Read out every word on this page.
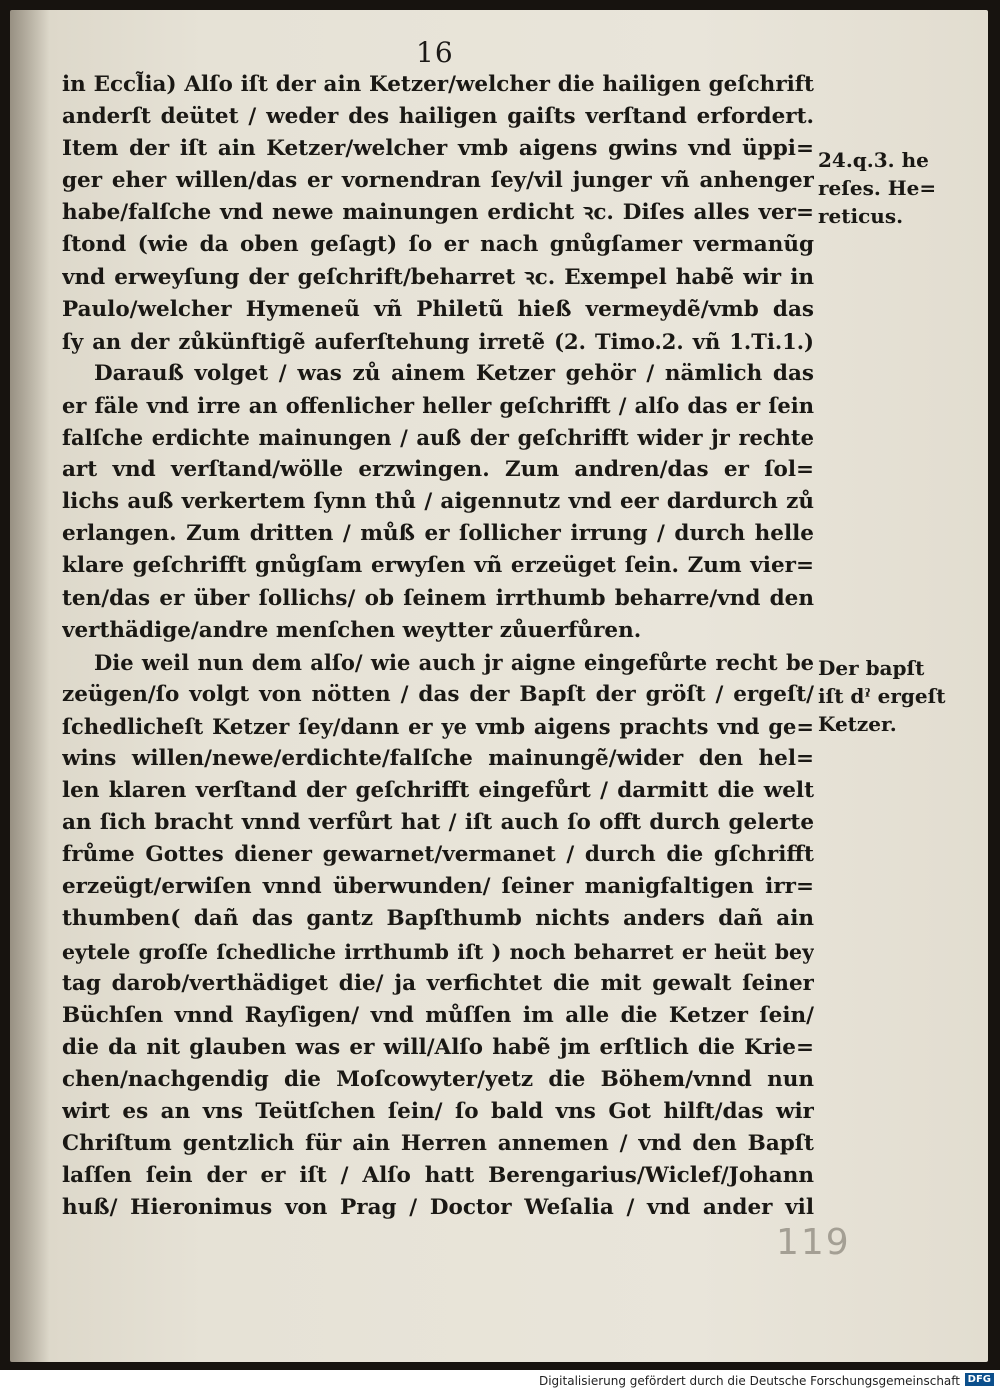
16
in Eccl̃ia) Alſo iſt der ain Ketzer/welcher die hailigen geſchrift
anderſt deütet / weder des hailigen gaiſts verſtand erfordert.
Item der iſt ain Ketzer/welcher vmb aigens gwins vnd üppi=
ger eher willen/das er vornendran ſey/vil junger vñ anhenger
habe/falſche vnd newe mainungen erdicht ꝛc. Diſes alles ver=
ſtond (wie da oben geſagt) ſo er nach gnůgſamer vermanũg
vnd erweyſung der geſchrift/beharret ꝛc. Exempel habẽ wir in
Paulo/welcher Hymeneũ vñ Philetũ hieß vermeydẽ/vmb das
ſy an der zůkünftigẽ auferſtehung irretẽ (2. Timo.2. vñ 1.Ti.1.)
Darauß volget / was zů ainem Ketzer gehör / nämlich das
er fäle vnd irre an offenlicher heller geſchrifft / alſo das er ſein
falſche erdichte mainungen / auß der geſchrifft wider jr rechte
art vnd verſtand/wölle erzwingen. Zum andren/das er ſol=
lichs auß verkertem ſynn thů / aigennutz vnd eer dardurch zů
erlangen. Zum dritten / můß er ſollicher irrung / durch helle
klare geſchrifft gnůgſam erwyſen vñ erzeüget ſein. Zum vier=
ten/das er über ſollichs/ ob ſeinem irrthumb beharre/vnd den
verthädige/andre menſchen weytter zůuerfůren.
Die weil nun dem alſo/ wie auch jr aigne eingefůrte recht be
zeügen/ſo volgt von nötten / das der Bapſt der gröſt / ergeſt/
ſchedlicheſt Ketzer ſey/dann er ye vmb aigens prachts vnd ge=
wins willen/newe/erdichte/falſche mainungẽ/wider den hel=
len klaren verſtand der geſchrifft eingefůrt / darmitt die welt
an ſich bracht vnnd verfůrt hat / iſt auch ſo offt durch gelerte
frůme Gottes diener gewarnet/vermanet / durch die gſchrifft
erzeügt/erwiſen vnnd überwunden/ ſeiner manigfaltigen irr=
thumben( dañ das gantz Bapſthumb nichts anders dañ ain
eytele groſſe ſchedliche irrthumb iſt ) noch beharret er heüt bey
tag darob/verthädiget die/ ja verfichtet die mit gewalt ſeiner
Büchſen vnnd Rayſigen/ vnd můſſen im alle die Ketzer ſein/
die da nit glauben was er will/Alſo habẽ jm erſtlich die Krie=
chen/nachgendig die Moſcowyter/yetz die Böhem/vnnd nun
wirt es an vns Teütſchen ſein/ ſo bald vns Got hilft/das wir
Chriſtum gentzlich für ain Herren annemen / vnd den Bapſt
laſſen ſein der er iſt / Alſo hatt Berengarius/Wiclef/Johann
huß/ Hieronimus von Prag / Doctor Weſalia / vnd ander vil
24.q.3. he
reſes. He=
reticus.
Der bapſt
iſt dˀ ergeſt
Ketzer.
119
Digitalisierung gefördert durch die Deutsche Forschungsgemeinschaft DFG
